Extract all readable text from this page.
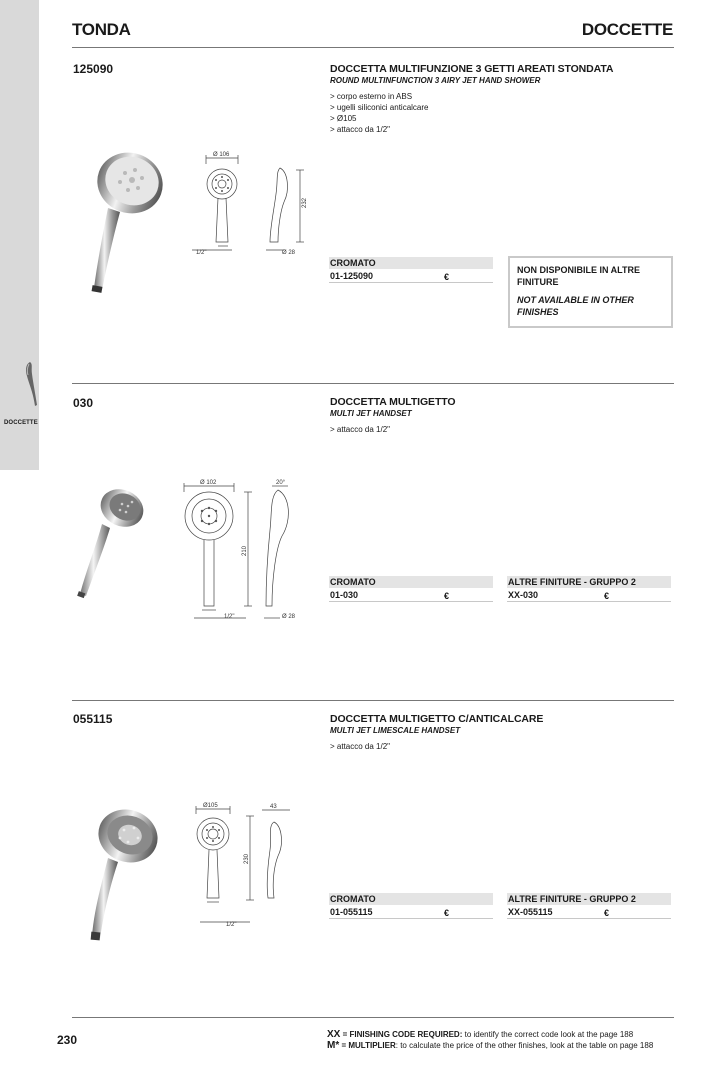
DOCCETTE
TONDA	DOCCETTE
125090	DOCCETTA MULTIFUNZIONE 3 GETTI AREATI STONDATA
ROUND MULTINFUNCTION 3 AIRY JET HAND SHOWER
> corpo esterno in ABS
> ugelli siliconici anticalcare
> Ø105
> attacco da 1/2"
Ø 106
232
1/2"	Ø 28
CROMATO
01-125090	€
NON DISPONIBILE IN ALTRE FINITURE
NOT AVAILABLE IN OTHER FINISHES
030	DOCCETTA MULTIGETTO
MULTI JET HANDSET
> attacco da 1/2"
Ø 102	20°
210
1/2"	Ø 28
CROMATO
01-030	€
ALTRE FINITURE - GRUPPO 2
XX-030	€
055115	DOCCETTA MULTIGETTO C/ANTICALCARE
MULTI JET LIMESCALE HANDSET
> attacco da 1/2"
Ø105	43
230
1/2"
CROMATO
01-055115	€
ALTRE FINITURE - GRUPPO 2
XX-055115	€
230	XX = FINISHING CODE REQUIRED: to identify the correct code look at the page 188
M* = MULTIPLIER: to calculate the price of the other finishes, look at the table on page 188
